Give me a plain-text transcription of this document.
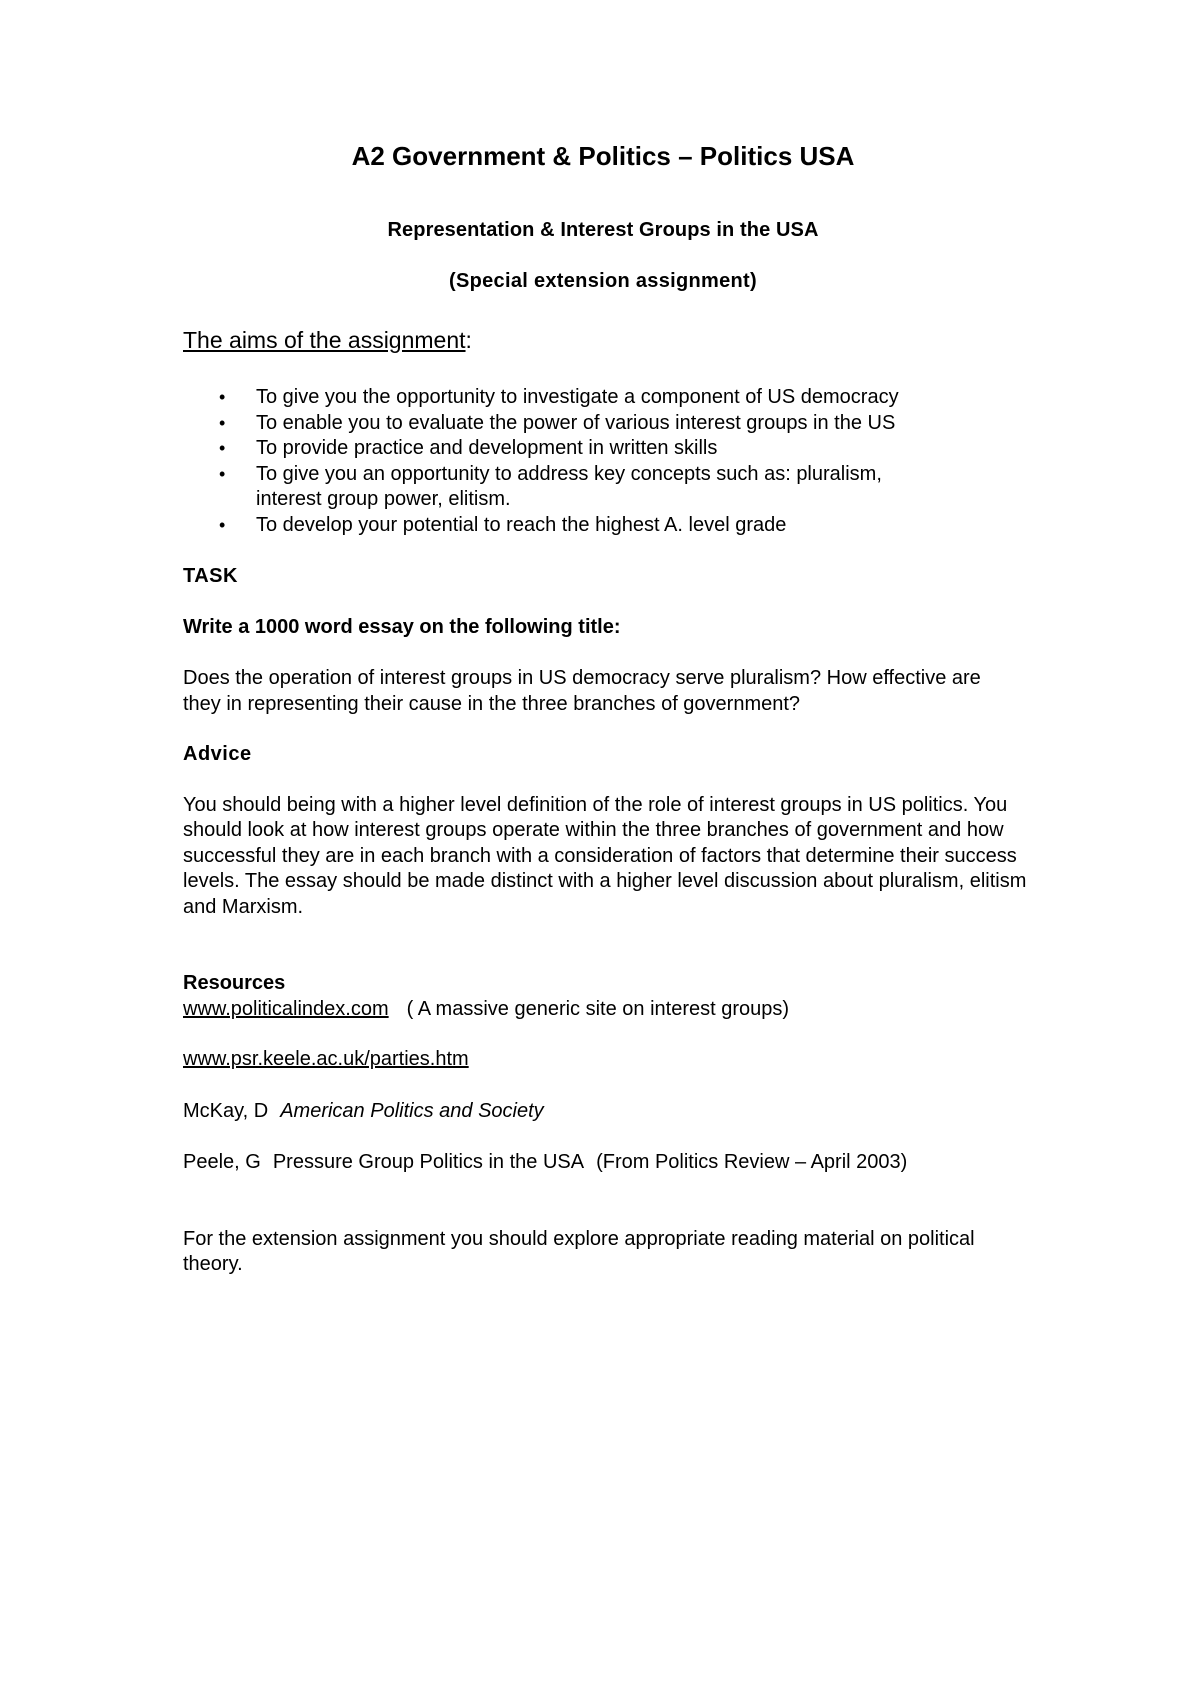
A2 Government & Politics – Politics USA

Representation & Interest Groups in the USA

(Special extension assignment)

The aims of the assignment:

• To give you the opportunity to investigate a component of US democracy
• To enable you to evaluate the power of various interest groups in the US
• To provide practice and development in written skills
• To give you an opportunity to address key concepts such as: pluralism, interest group power, elitism.
• To develop your potential to reach the highest A. level grade

TASK

Write a 1000 word essay on the following title:

Does the operation of interest groups in US democracy serve pluralism? How effective are they in representing their cause in the three branches of government?

Advice

You should being with a higher level definition of the role of interest groups in US politics. You should look at how interest groups operate within the three branches of government and how successful they are in each branch with a consideration of factors that determine their success levels. The essay should be made distinct with a higher level discussion about pluralism, elitism and Marxism.

Resources

www.politicalindex.com ( A massive generic site on interest groups)

www.psr.keele.ac.uk/parties.htm

McKay, D American Politics and Society

Peele, G Pressure Group Politics in the USA (From Politics Review – April 2003)

For the extension assignment you should explore appropriate reading material on political theory.
